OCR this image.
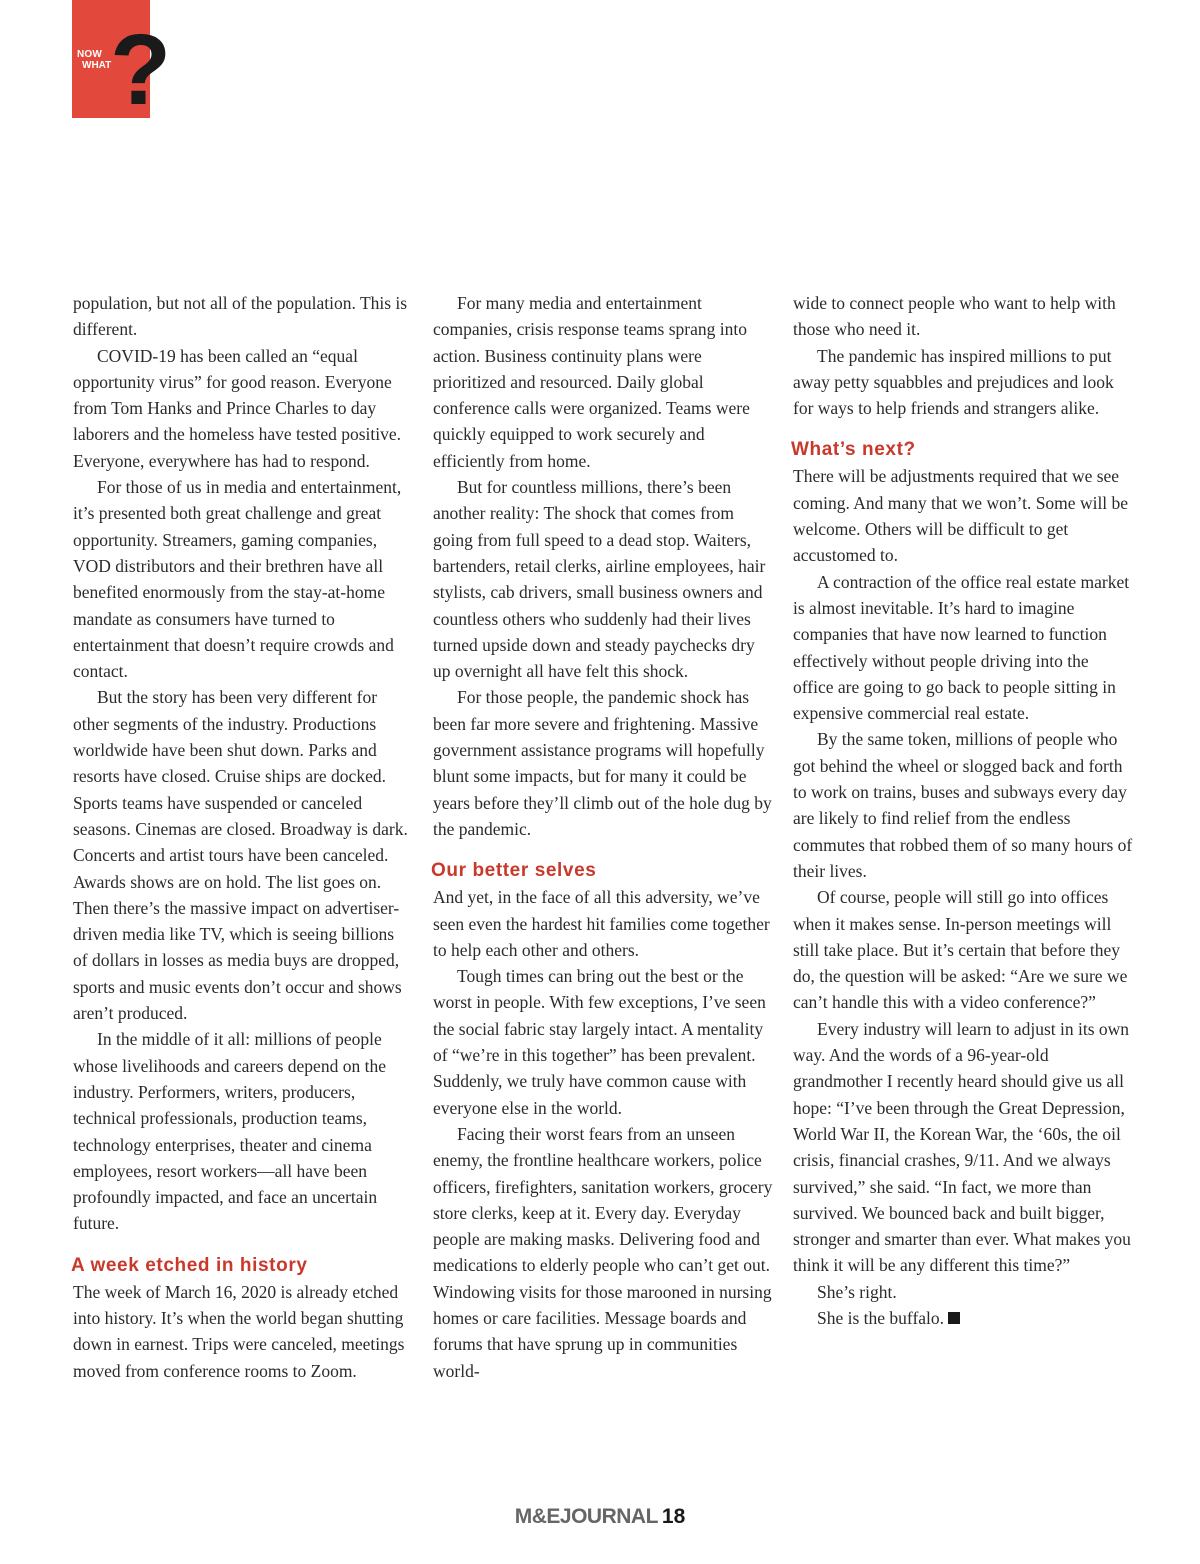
?
NOW
WHAT

population, but not all of the population. This is different.

COVID-19 has been called an “equal opportunity virus” for good reason. Everyone from Tom Hanks and Prince Charles to day laborers and the homeless have tested positive. Everyone, everywhere has had to respond.

For those of us in media and entertainment, it’s presented both great challenge and great opportunity. Streamers, gaming companies, VOD distributors and their brethren have all benefited enormously from the stay-at-home mandate as consumers have turned to entertainment that doesn’t require crowds and contact.

But the story has been very different for other segments of the industry. Productions worldwide have been shut down. Parks and resorts have closed. Cruise ships are docked. Sports teams have suspended or canceled seasons. Cinemas are closed. Broadway is dark. Concerts and artist tours have been canceled. Awards shows are on hold. The list goes on. Then there’s the massive impact on advertiser-driven media like TV, which is seeing billions of dollars in losses as media buys are dropped, sports and music events don’t occur and shows aren’t produced.

In the middle of it all: millions of people whose livelihoods and careers depend on the industry. Performers, writers, producers, technical professionals, production teams, technology enterprises, theater and cinema employees, resort workers—all have been profoundly impacted, and face an uncertain future.

A week etched in history

The week of March 16, 2020 is already etched into history. It’s when the world began shutting down in earnest. Trips were canceled, meetings moved from conference rooms to Zoom.

For many media and entertainment companies, crisis response teams sprang into action. Business continuity plans were prioritized and resourced. Daily global conference calls were organized. Teams were quickly equipped to work securely and efficiently from home.

But for countless millions, there’s been another reality: The shock that comes from going from full speed to a dead stop. Waiters, bartenders, retail clerks, airline employees, hair stylists, cab drivers, small business owners and countless others who suddenly had their lives turned upside down and steady paychecks dry up overnight all have felt this shock.

For those people, the pandemic shock has been far more severe and frightening. Massive government assistance programs will hopefully blunt some impacts, but for many it could be years before they’ll climb out of the hole dug by the pandemic.

Our better selves

And yet, in the face of all this adversity, we’ve seen even the hardest hit families come together to help each other and others.

Tough times can bring out the best or the worst in people. With few exceptions, I’ve seen the social fabric stay largely intact. A mentality of “we’re in this together” has been prevalent. Suddenly, we truly have common cause with everyone else in the world.

Facing their worst fears from an unseen enemy, the frontline healthcare workers, police officers, firefighters, sanitation workers, grocery store clerks, keep at it. Every day. Everyday people are making masks. Delivering food and medications to elderly people who can’t get out. Windowing visits for those marooned in nursing homes or care facilities. Message boards and forums that have sprung up in communities world-

wide to connect people who want to help with those who need it.

The pandemic has inspired millions to put away petty squabbles and prejudices and look for ways to help friends and strangers alike.

What’s next?

There will be adjustments required that we see coming. And many that we won’t. Some will be welcome. Others will be difficult to get accustomed to.

A contraction of the office real estate market is almost inevitable. It’s hard to imagine companies that have now learned to function effectively without people driving into the office are going to go back to people sitting in expensive commercial real estate.

By the same token, millions of people who got behind the wheel or slogged back and forth to work on trains, buses and subways every day are likely to find relief from the endless commutes that robbed them of so many hours of their lives.

Of course, people will still go into offices when it makes sense. In-person meetings will still take place. But it’s certain that before they do, the question will be asked: “Are we sure we can’t handle this with a video conference?”

Every industry will learn to adjust in its own way. And the words of a 96-year-old grandmother I recently heard should give us all hope: “I’ve been through the Great Depression, World War II, the Korean War, the ‘60s, the oil crisis, financial crashes, 9/11. And we always survived,” she said. “In fact, we more than survived. We bounced back and built bigger, stronger and smarter than ever. What makes you think it will be any different this time?”

She’s right.

She is the buffalo.

M&EJOURNAL 18
